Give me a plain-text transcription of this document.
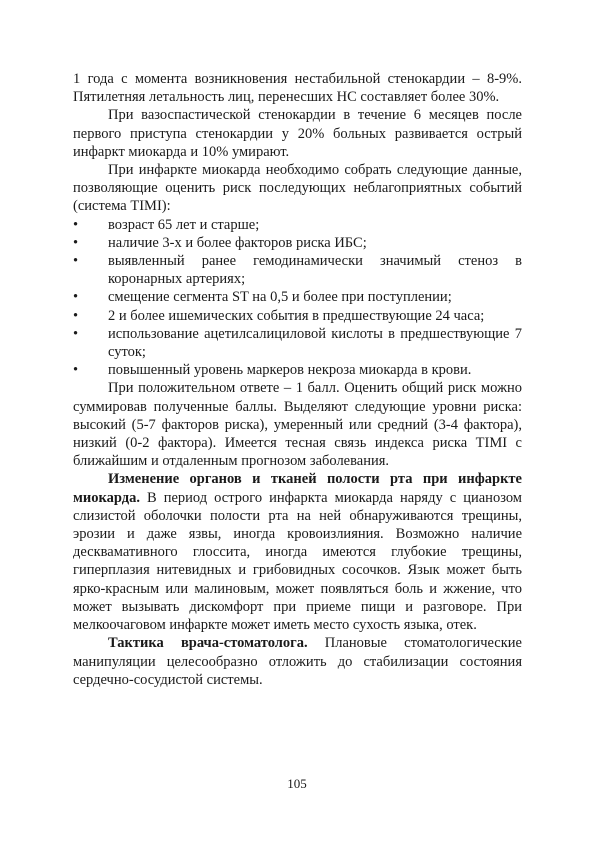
1 года с момента возникновения нестабильной стенокардии – 8-9%. Пятилетняя летальность лиц, перенесших НС составляет более 30%.

При вазоспастической стенокардии в течение 6 месяцев после первого приступа стенокардии у 20% больных развивается острый инфаркт миокарда и 10% умирают.

При инфаркте миокарда необходимо собрать следующие данные, позволяющие оценить риск последующих неблагоприятных событий (система TIMI):

• возраст 65 лет и старше;
• наличие 3-х и более факторов риска ИБС;
• выявленный ранее гемодинамически значимый стеноз в коронарных артериях;
• смещение сегмента ST на 0,5 и более при поступлении;
• 2 и более ишемических события в предшествующие 24 часа;
• использование ацетилсалициловой кислоты в предшествующие 7 суток;
• повышенный уровень маркеров некроза миокарда в крови.

При положительном ответе – 1 балл. Оценить общий риск можно суммировав полученные баллы. Выделяют следующие уровни риска: высокий (5-7 факторов риска), умеренный или средний (3-4 фактора), низкий (0-2 фактора). Имеется тесная связь индекса риска TIMI с ближайшим и отдаленным прогнозом заболевания.

Изменение органов и тканей полости рта при инфаркте миокарда. В период острого инфаркта миокарда наряду с цианозом слизистой оболочки полости рта на ней обнаруживаются трещины, эрозии и даже язвы, иногда кровоизлияния. Возможно наличие десквамативного глоссита, иногда имеются глубокие трещины, гиперплазия нитевидных и грибовидных сосочков. Язык может быть ярко-красным или малиновым, может появляться боль и жжение, что может вызывать дискомфорт при приеме пищи и разговоре. При мелкоочаговом инфаркте может иметь место сухость языка, отек.

Тактика врача-стоматолога. Плановые стоматологические манипуляции целесообразно отложить до стабилизации состояния сердечно-сосудистой системы.

105
